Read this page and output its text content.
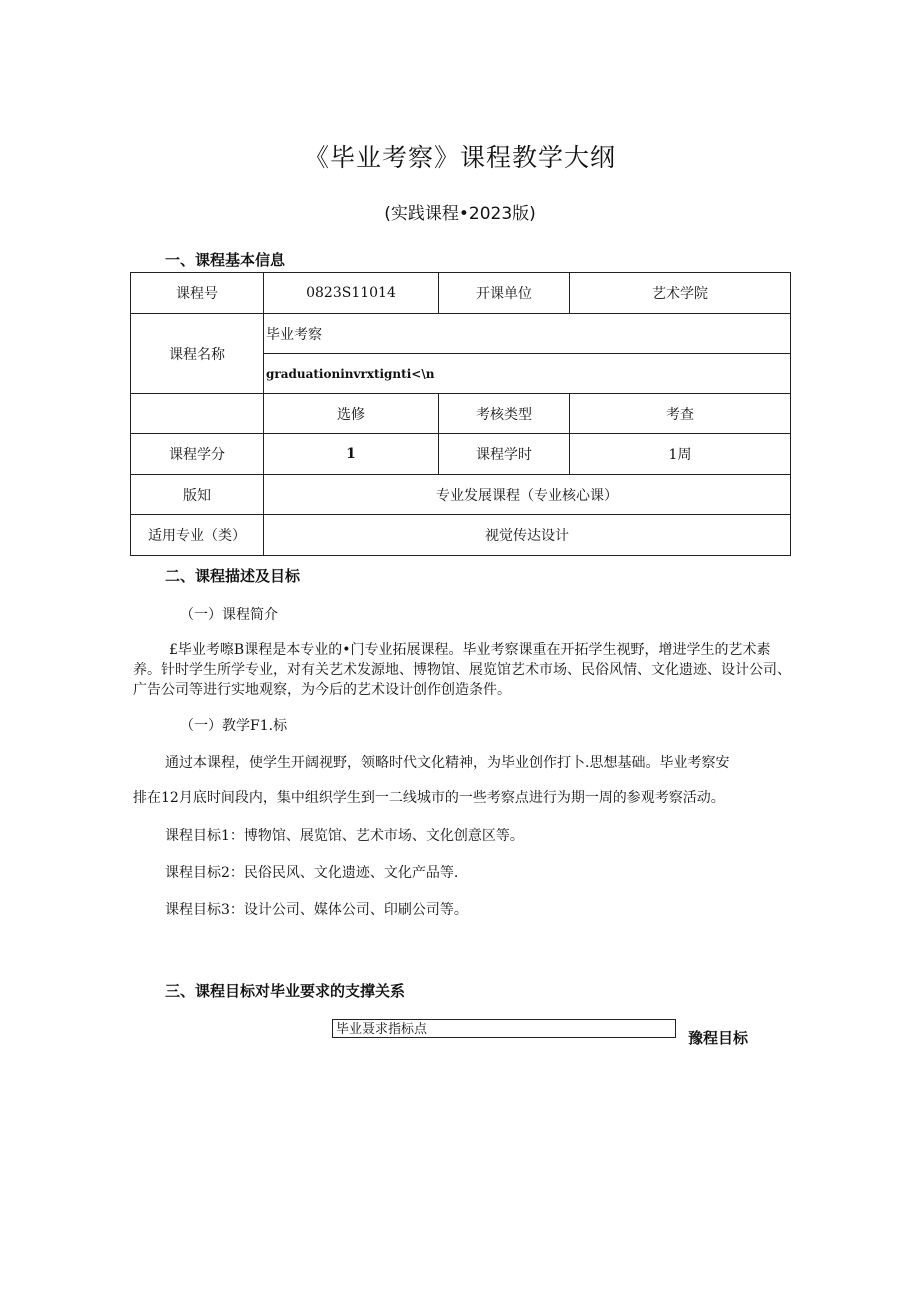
《毕业考察》课程教学大纲
(实践课程•2023版)
一、课程基本信息
课程号	0823S11014	开课单位	艺术学院
课程名称	毕业考察		
	graduationinvrxtignti<\n		
	选修	考核类型	考查
课程学分	1	课程学时	1周
版知	专业发展课程（专业核心课）		
适用专业（类）	视觉传达设计		
二、课程描述及目标
（一）课程简介
£毕业考嚓B课程是本专业的•门专业拓展课程。毕业考察课重在开拓学生视野，增进学生的艺术素养。针时学生所学专业，对有关艺术发源地、博物馆、展览馆艺术市场、民俗风情、文化遗迹、设计公司、广告公司等进行实地观察，为今后的艺术设计创作创造条件。
（一）教学F1.标
通过本课程，使学生开阔视野，领略时代文化精神，为毕业创作打卜.思想基础。毕业考察安
排在12月底时间段内，集中组织学生到一二线城市的一些考察点进行为期一周的参观考察活动。
课程目标1：博物馆、展览馆、艺术市场、文化创意区等。
课程目标2：民俗民风、文化遗迹、文化产品等.
课程目标3：设计公司、媒体公司、印刷公司等。
三、课程目标对毕业要求的支撑关系
毕业聂求指标点	豫程目标
